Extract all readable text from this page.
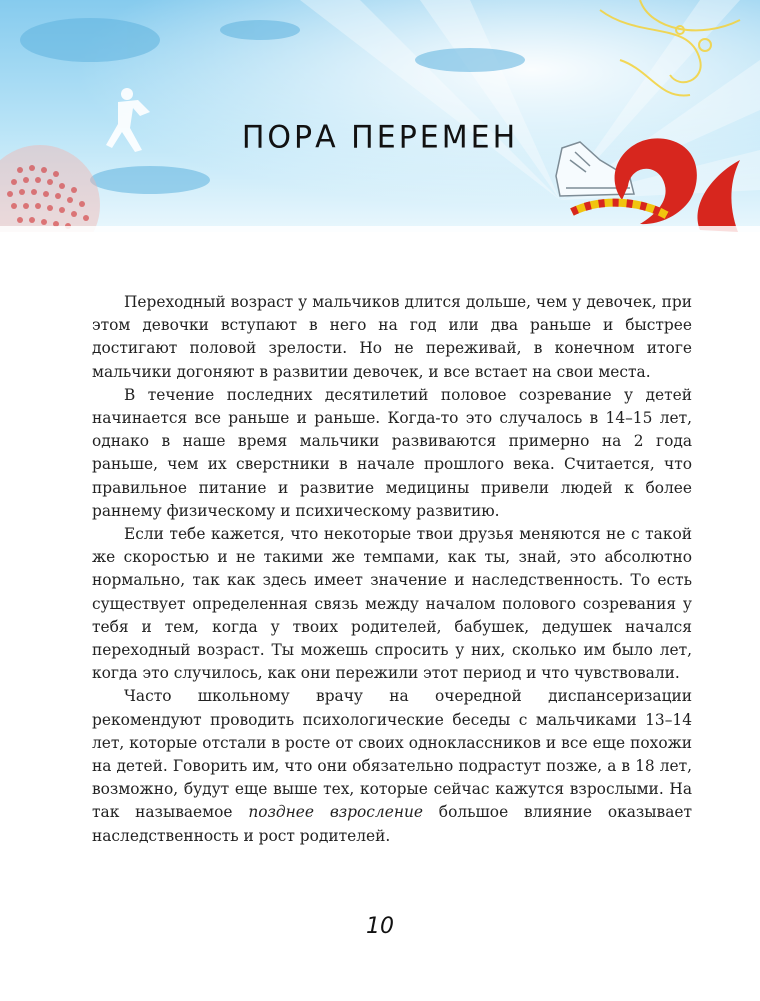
ПОРА ПЕРЕМЕН

Переходный возраст у мальчиков длится дольше, чем у девочек, при этом девочки вступают в него на год или два раньше и быстрее достигают половой зрелости. Но не переживай, в конечном итоге мальчики догоняют в развитии девочек, и все встает на свои места.

В течение последних десятилетий половое созревание у детей начинается все раньше и раньше. Когда-то это случалось в 14–15 лет, однако в наше время мальчики развиваются примерно на 2 года раньше, чем их сверстники в начале прошлого века. Считается, что правильное питание и развитие медицины привели людей к более раннему физическому и психическому развитию.

Если тебе кажется, что некоторые твои друзья меняются не с такой же скоростью и не такими же темпами, как ты, знай, это абсолютно нормально, так как здесь имеет значение и наследственность. То есть существует определенная связь между началом полового созревания у тебя и тем, когда у твоих родителей, бабушек, дедушек начался переходный возраст. Ты можешь спросить у них, сколько им было лет, когда это случилось, как они пережили этот период и что чувствовали.

Часто школьному врачу на очередной диспансеризации рекомендуют проводить психологические беседы с мальчиками 13–14 лет, которые отстали в росте от своих одноклассников и все еще похожи на детей. Говорить им, что они обязательно подрастут позже, а в 18 лет, возможно, будут еще выше тех, которые сейчас кажутся взрослыми. На так называемое позднее взросление большое влияние оказывает наследственность и рост родителей.

10
